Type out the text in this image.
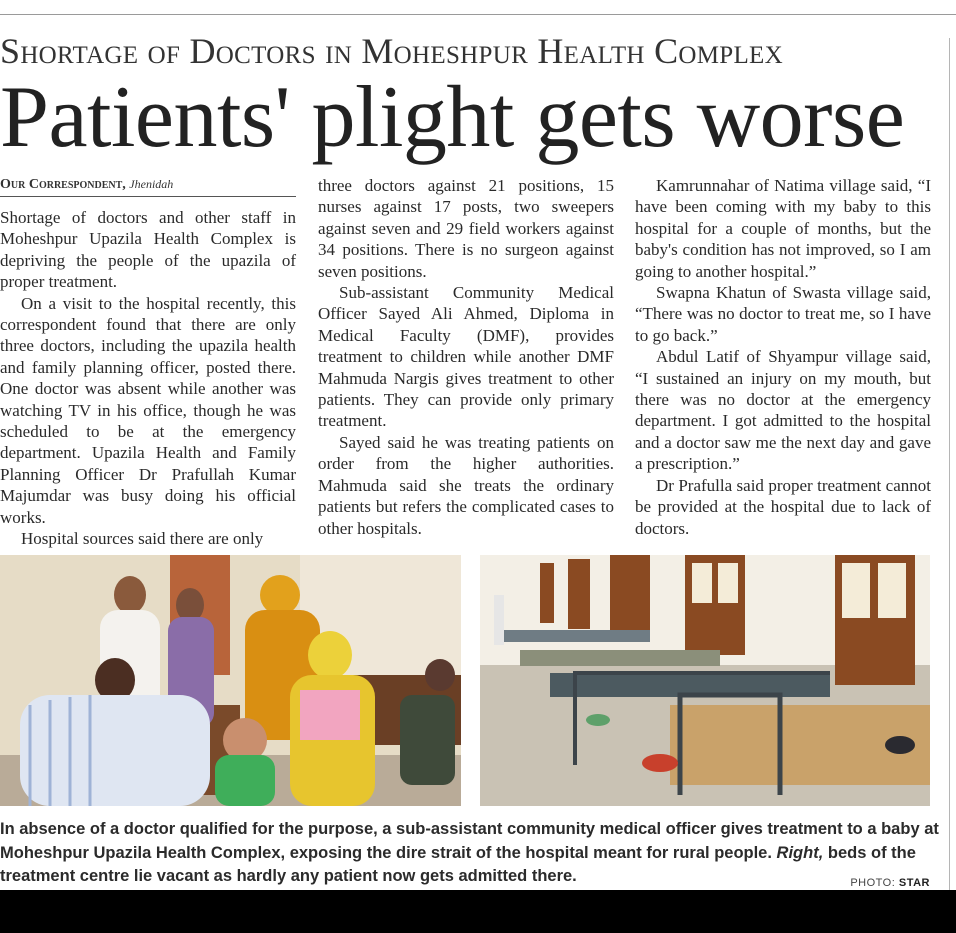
Shortage of Doctors in Moheshpur Health Complex
Patients' plight gets worse
Our Correspondent, Jhenidah

Shortage of doctors and other staff in Moheshpur Upazila Health Complex is depriving the people of the upazila of proper treatment.

On a visit to the hospital recently, this correspondent found that there are only three doctors, including the upazila health and family planning officer, posted there. One doctor was absent while another was watching TV in his office, though he was scheduled to be at the emergency department. Upazila Health and Family Planning Officer Dr Prafullah Kumar Majumdar was busy doing his official works.

Hospital sources said there are only

three doctors against 21 positions, 15 nurses against 17 posts, two sweepers against seven and 29 field workers against 34 positions. There is no surgeon against seven positions.

Sub-assistant Community Medical Officer Sayed Ali Ahmed, Diploma in Medical Faculty (DMF), provides treatment to children while another DMF Mahmuda Nargis gives treatment to other patients. They can provide only primary treatment.

Sayed said he was treating patients on order from the higher authorities. Mahmuda said she treats the ordinary patients but refers the complicated cases to other hospitals.

Kamrunnahar of Natima village said, “I have been coming with my baby to this hospital for a couple of months, but the baby's condition has not improved, so I am going to another hospital.”

Swapna Khatun of Swasta village said, “There was no doctor to treat me, so I have to go back.”

Abdul Latif of Shyampur village said, “I sustained an injury on my mouth, but there was no doctor at the emergency department. I got admitted to the hospital and a doctor saw me the next day and gave a prescription.”

Dr Prafulla said proper treatment cannot be provided at the hospital due to lack of doctors.

In absence of a doctor qualified for the purpose, a sub-assistant community medical officer gives treatment to a baby at Moheshpur Upazila Health Complex, exposing the dire strait of the hospital meant for rural people. Right, beds of the treatment centre lie vacant as hardly any patient now gets admitted there.	PHOTO: STAR
